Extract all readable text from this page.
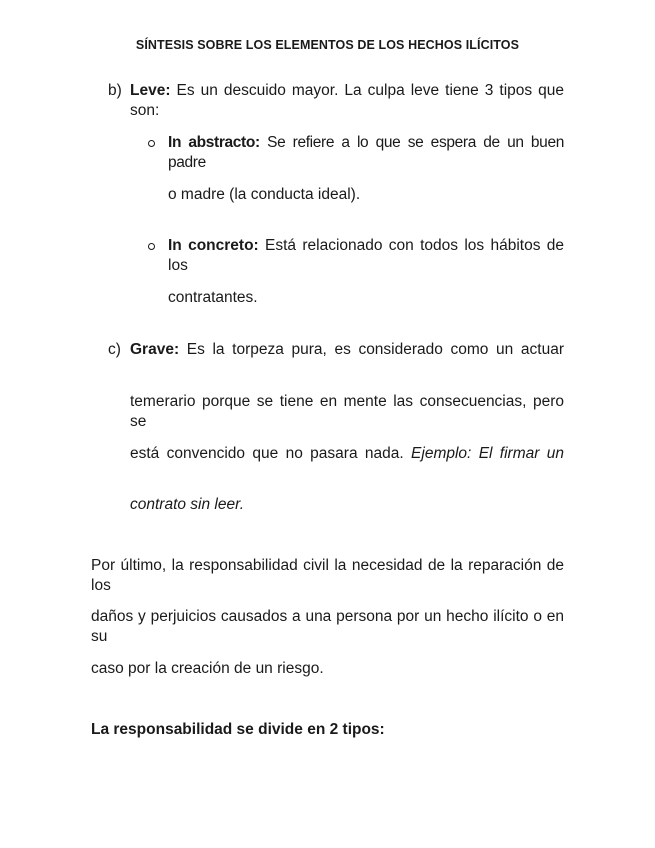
SÍNTESIS SOBRE LOS ELEMENTOS DE LOS HECHOS ILÍCITOS
b) Leve: Es un descuido mayor. La culpa leve tiene 3 tipos que son:
In abstracto: Se refiere a lo que se espera de un buen padre
o madre (la conducta ideal).
In concreto: Está relacionado con todos los hábitos de los
contratantes.
c) Grave: Es la torpeza pura, es considerado como un actuar
temerario porque se tiene en mente las consecuencias, pero se
está convencido que no pasara nada. Ejemplo: El firmar un
contrato sin leer.
Por último, la responsabilidad civil la necesidad de la reparación de los
daños y perjuicios causados a una persona por un hecho ilícito o en su
caso por la creación de un riesgo.
La responsabilidad se divide en 2 tipos:
